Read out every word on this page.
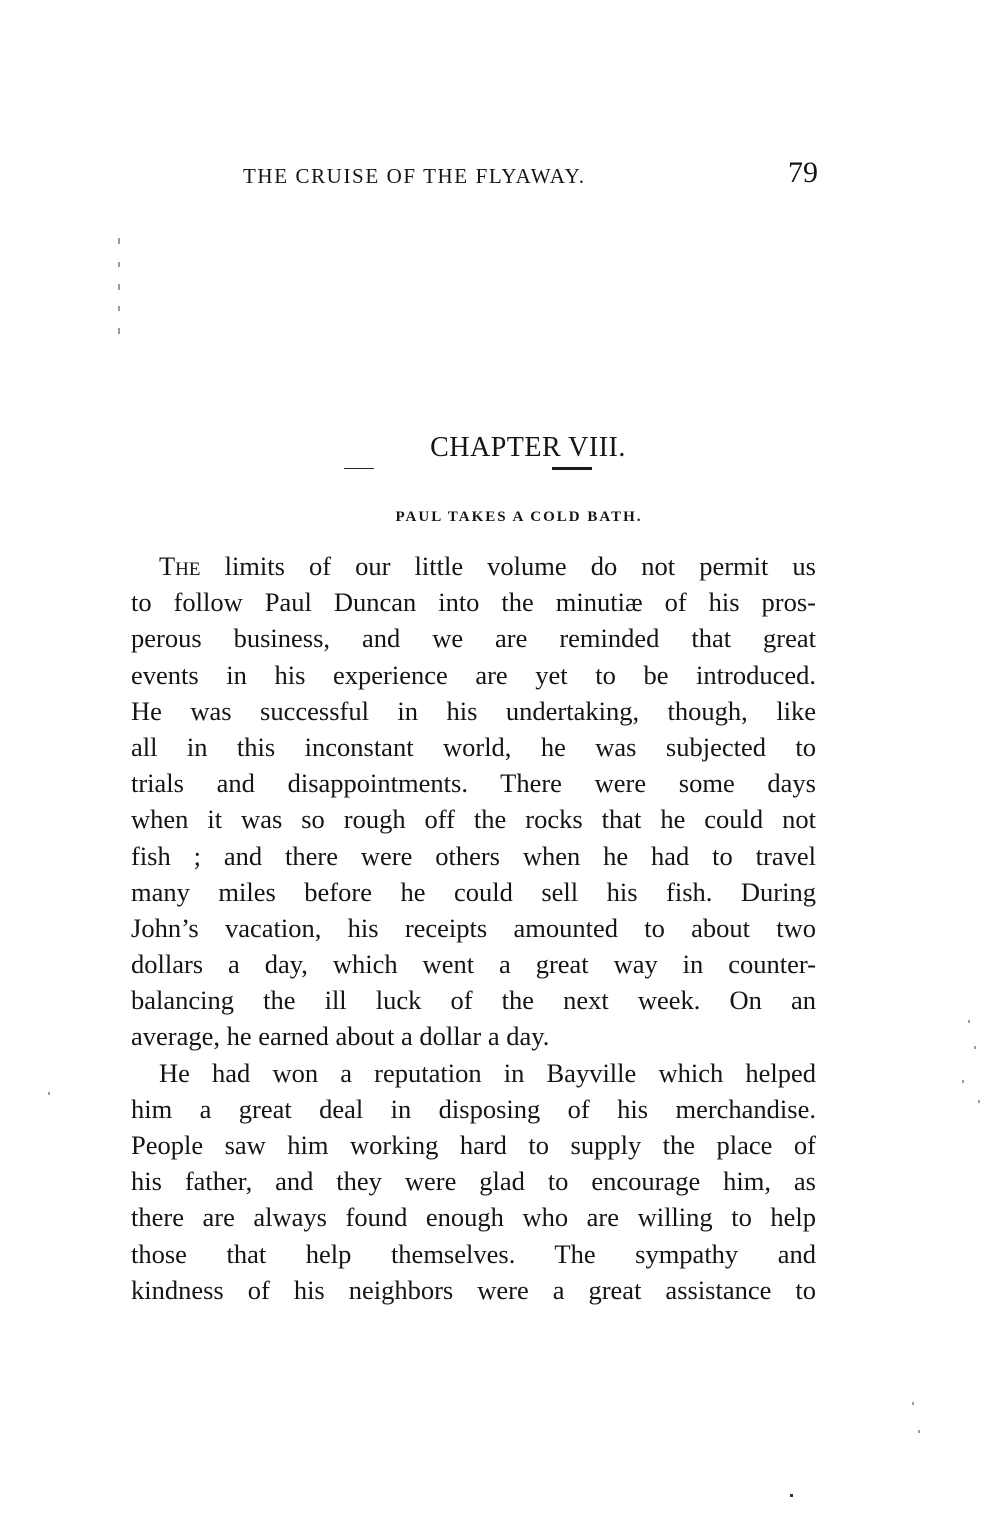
THE CRUISE OF THE FLYAWAY.	79
CHAPTER VIII.
PAUL TAKES A COLD BATH.
The limits of our little volume do not permit us
to follow Paul Duncan into the minutiæ of his pros-
perous business, and we are reminded that great
events in his experience are yet to be introduced.
He was successful in his undertaking, though, like
all in this inconstant world, he was subjected to
trials and disappointments. There were some days
when it was so rough off the rocks that he could not
fish ; and there were others when he had to travel
many miles before he could sell his fish. During
John’s vacation, his receipts amounted to about two
dollars a day, which went a great way in counter-
balancing the ill luck of the next week. On an
average, he earned about a dollar a day.
He had won a reputation in Bayville which helped
him a great deal in disposing of his merchandise.
People saw him working hard to supply the place of
his father, and they were glad to encourage him, as
there are always found enough who are willing to help
those that help themselves. The sympathy and
kindness of his neighbors were a great assistance to
